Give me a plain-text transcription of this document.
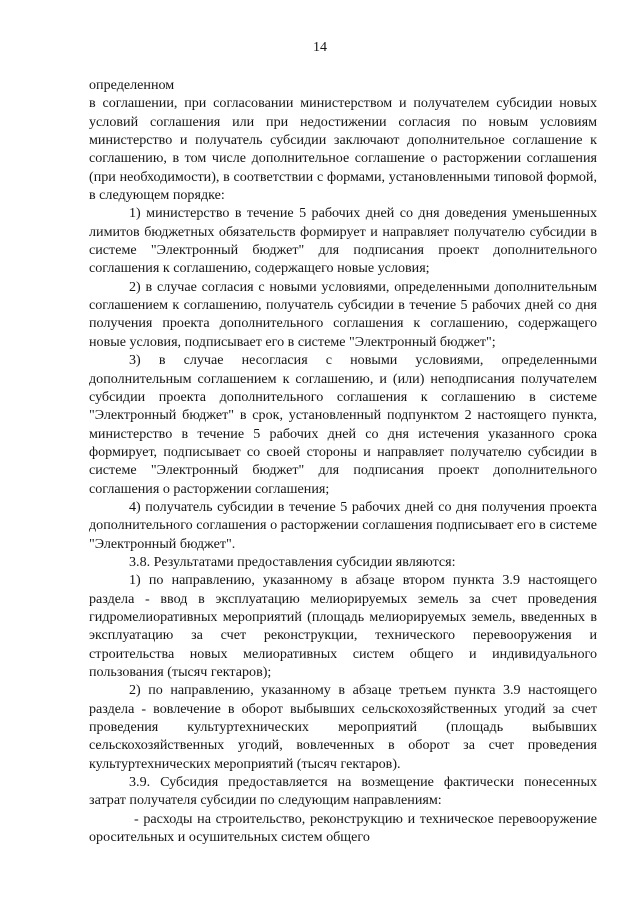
14

определенном

в соглашении, при согласовании министерством и получателем субсидии новых условий соглашения или при недостижении согласия по новым условиям министерство и получатель субсидии заключают дополнительное соглашение к соглашению, в том числе дополнительное соглашение о расторжении соглашения (при необходимости), в соответствии с формами, установленными типовой формой, в следующем порядке:

1) министерство в течение 5 рабочих дней со дня доведения уменьшенных лимитов бюджетных обязательств формирует и направляет получателю субсидии в системе "Электронный бюджет" для подписания проект дополнительного соглашения к соглашению, содержащего новые условия;

2) в случае согласия с новыми условиями, определенными дополнительным соглашением к соглашению, получатель субсидии в течение 5 рабочих дней со дня получения проекта дополнительного соглашения к соглашению, содержащего новые условия, подписывает его в системе "Электронный бюджет";

3) в случае несогласия с новыми условиями, определенными дополнительным соглашением к соглашению, и (или) неподписания получателем субсидии проекта дополнительного соглашения к соглашению в системе "Электронный бюджет" в срок, установленный подпунктом 2 настоящего пункта, министерство в течение 5 рабочих дней со дня истечения указанного срока формирует, подписывает со своей стороны и направляет получателю субсидии в системе "Электронный бюджет" для подписания проект дополнительного соглашения о расторжении соглашения;

4) получатель субсидии в течение 5 рабочих дней со дня получения проекта дополнительного соглашения о расторжении соглашения подписывает его в системе "Электронный бюджет".

3.8. Результатами предоставления субсидии являются:

1) по направлению, указанному в абзаце втором пункта 3.9 настоящего раздела - ввод в эксплуатацию мелиорируемых земель за счет проведения гидромелиоративных мероприятий (площадь мелиорируемых земель, введенных в эксплуатацию за счет реконструкции, технического перевооружения и строительства новых мелиоративных систем общего и индивидуального пользования (тысяч гектаров);

2) по направлению, указанному в абзаце третьем пункта 3.9 настоящего раздела - вовлечение в оборот выбывших сельскохозяйственных угодий за счет проведения культуртехнических мероприятий (площадь выбывших сельскохозяйственных угодий, вовлеченных в оборот за счет проведения культуртехнических мероприятий (тысяч гектаров).

3.9. Субсидия предоставляется на возмещение фактически понесенных затрат получателя субсидии по следующим направлениям:

- расходы на строительство, реконструкцию и техническое перевооружение оросительных и осушительных систем общего
